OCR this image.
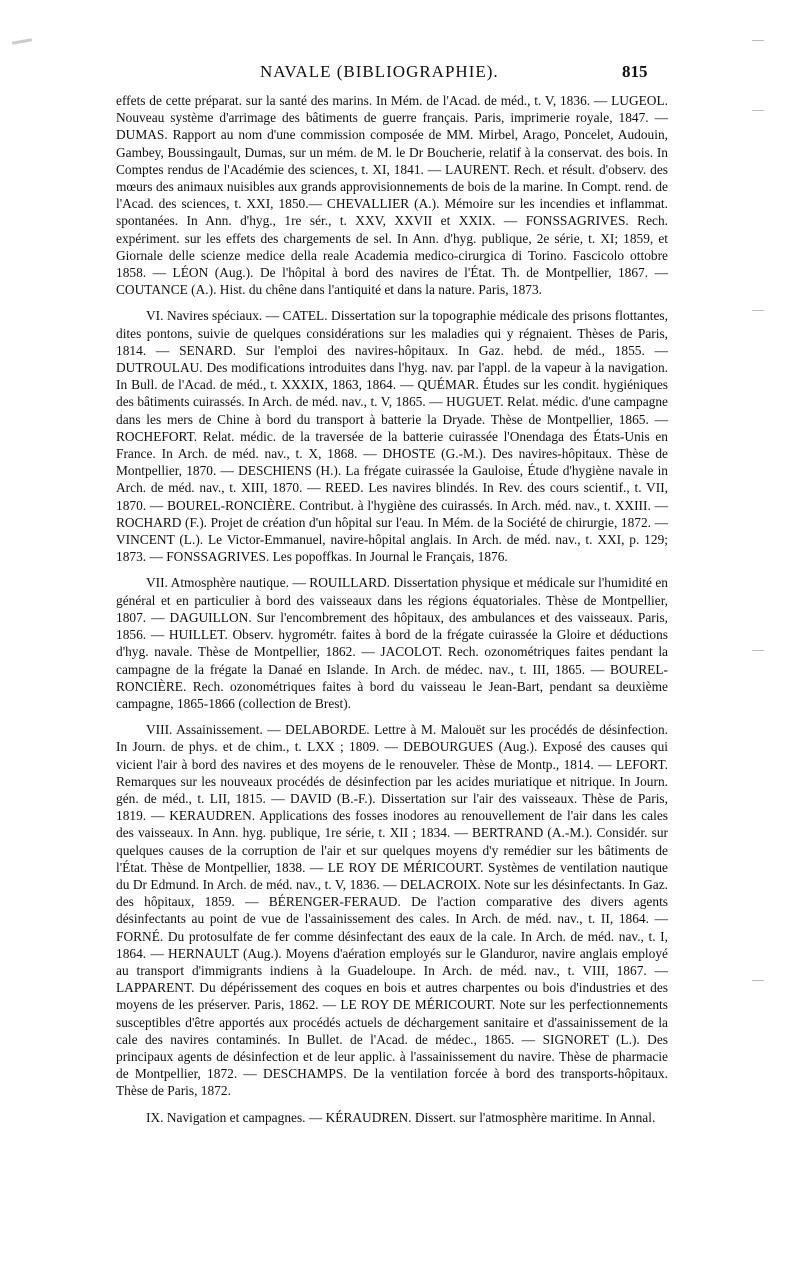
NAVALE (BIBLIOGRAPHIE).	815

effets de cette préparat. sur la santé des marins. In Mém. de l'Acad. de méd., t. V, 1836. — LUGEOL. Nouveau système d'arrimage des bâtiments de guerre français. Paris, imprimerie royale, 1847. — DUMAS. Rapport au nom d'une commission composée de MM. Mirbel, Arago, Poncelet, Audouin, Gambey, Boussingault, Dumas, sur un mém. de M. le Dr Boucherie, relatif à la conservat. des bois. In Comptes rendus de l'Académie des sciences, t. XI, 1841. — LAURENT. Rech. et résult. d'observ. des mœurs des animaux nuisibles aux grands approvisionnements de bois de la marine. In Compt. rend. de l'Acad. des sciences, t. XXI, 1850.— CHEVALLIER (A.). Mémoire sur les incendies et inflammat. spontanées. In Ann. d'hyg., 1re sér., t. XXV, XXVII et XXIX. — FONSSAGRIVES. Rech. expériment. sur les effets des chargements de sel. In Ann. d'hyg. publique, 2e série, t. XI; 1859, et Giornale delle scienze medice della reale Academia medico-cirurgica di Torino. Fascicolo ottobre 1858. — LÉON (Aug.). De l'hôpital à bord des navires de l'État. Th. de Montpellier, 1867. — COUTANCE (A.). Hist. du chêne dans l'antiquité et dans la nature. Paris, 1873.

VI. Navires spéciaux. — CATEL. Dissertation sur la topographie médicale des prisons flottantes, dites pontons, suivie de quelques considérations sur les maladies qui y régnaient. Thèses de Paris, 1814. — SENARD. Sur l'emploi des navires-hôpitaux. In Gaz. hebd. de méd., 1855. — DUTROULAU. Des modifications introduites dans l'hyg. nav. par l'appl. de la vapeur à la navigation. In Bull. de l'Acad. de méd., t. XXXIX, 1863, 1864. — QUÉMAR. Études sur les condit. hygiéniques des bâtiments cuirassés. In Arch. de méd. nav., t. V, 1865. — HUGUET. Relat. médic. d'une campagne dans les mers de Chine à bord du transport à batterie la Dryade. Thèse de Montpellier, 1865. — ROCHEFORT. Relat. médic. de la traversée de la batterie cuirassée l'Onendaga des États-Unis en France. In Arch. de méd. nav., t. X, 1868. — DHOSTE (G.-M.). Des navires-hôpitaux. Thèse de Montpellier, 1870. — DESCHIENS (H.). La frégate cuirassée la Gauloise, Étude d'hygiène navale in Arch. de méd. nav., t. XIII, 1870. — REED. Les navires blindés. In Rev. des cours scientif., t. VII, 1870. — BOUREL-RONCIÈRE. Contribut. à l'hygiène des cuirassés. In Arch. méd. nav., t. XXIII. — ROCHARD (F.). Projet de création d'un hôpital sur l'eau. In Mém. de la Société de chirurgie, 1872. — VINCENT (L.). Le Victor-Emmanuel, navire-hôpital anglais. In Arch. de méd. nav., t. XXI, p. 129; 1873. — FONSSAGRIVES. Les popoffkas. In Journal le Français, 1876.

VII. Atmosphère nautique. — ROUILLARD. Dissertation physique et médicale sur l'humidité en général et en particulier à bord des vaisseaux dans les régions équatoriales. Thèse de Montpellier, 1807. — DAGUILLON. Sur l'encombrement des hôpitaux, des ambulances et des vaisseaux. Paris, 1856. — HUILLET. Observ. hygrométr. faites à bord de la frégate cuirassée la Gloire et déductions d'hyg. navale. Thèse de Montpellier, 1862. — JACOLOT. Rech. ozonométriques faites pendant la campagne de la frégate la Danaé en Islande. In Arch. de médec. nav., t. III, 1865. — BOUREL-RONCIÈRE. Rech. ozonométriques faites à bord du vaisseau le Jean-Bart, pendant sa deuxième campagne, 1865-1866 (collection de Brest).

VIII. Assainissement. — DELABORDE. Lettre à M. Malouët sur les procédés de désinfection. In Journ. de phys. et de chim., t. LXX ; 1809. — DEBOURGUES (Aug.). Exposé des causes qui vicient l'air à bord des navires et des moyens de le renouveler. Thèse de Montp., 1814. — LEFORT. Remarques sur les nouveaux procédés de désinfection par les acides muriatique et nitrique. In Journ. gén. de méd., t. LII, 1815. — DAVID (B.-F.). Dissertation sur l'air des vaisseaux. Thèse de Paris, 1819. — KERAUDREN. Applications des fosses inodores au renouvellement de l'air dans les cales des vaisseaux. In Ann. hyg. publique, 1re série, t. XII ; 1834. — BERTRAND (A.-M.). Considér. sur quelques causes de la corruption de l'air et sur quelques moyens d'y remédier sur les bâtiments de l'État. Thèse de Montpellier, 1838. — LE ROY DE MÉRICOURT. Systèmes de ventilation nautique du Dr Edmund. In Arch. de méd. nav., t. V, 1836. — DELACROIX. Note sur les désinfectants. In Gaz. des hôpitaux, 1859. — BÉRENGER-FERAUD. De l'action comparative des divers agents désinfectants au point de vue de l'assainissement des cales. In Arch. de méd. nav., t. II, 1864. — FORNÉ. Du protosulfate de fer comme désinfectant des eaux de la cale. In Arch. de méd. nav., t. I, 1864. — HERNAULT (Aug.). Moyens d'aération employés sur le Glanduror, navire anglais employé au transport d'immigrants indiens à la Guadeloupe. In Arch. de méd. nav., t. VIII, 1867. — LAPPARENT. Du dépérissement des coques en bois et autres charpentes ou bois d'industries et des moyens de les préserver. Paris, 1862. — LE ROY DE MÉRICOURT. Note sur les perfectionnements susceptibles d'être apportés aux procédés actuels de déchargement sanitaire et d'assainissement de la cale des navires contaminés. In Bullet. de l'Acad. de médec., 1865. — SIGNORET (L.). Des principaux agents de désinfection et de leur applic. à l'assainissement du navire. Thèse de pharmacie de Montpellier, 1872. — DESCHAMPS. De la ventilation forcée à bord des transports-hôpitaux. Thèse de Paris, 1872.

IX. Navigation et campagnes. — KÉRAUDREN. Dissert. sur l'atmosphère maritime. In Annal.
